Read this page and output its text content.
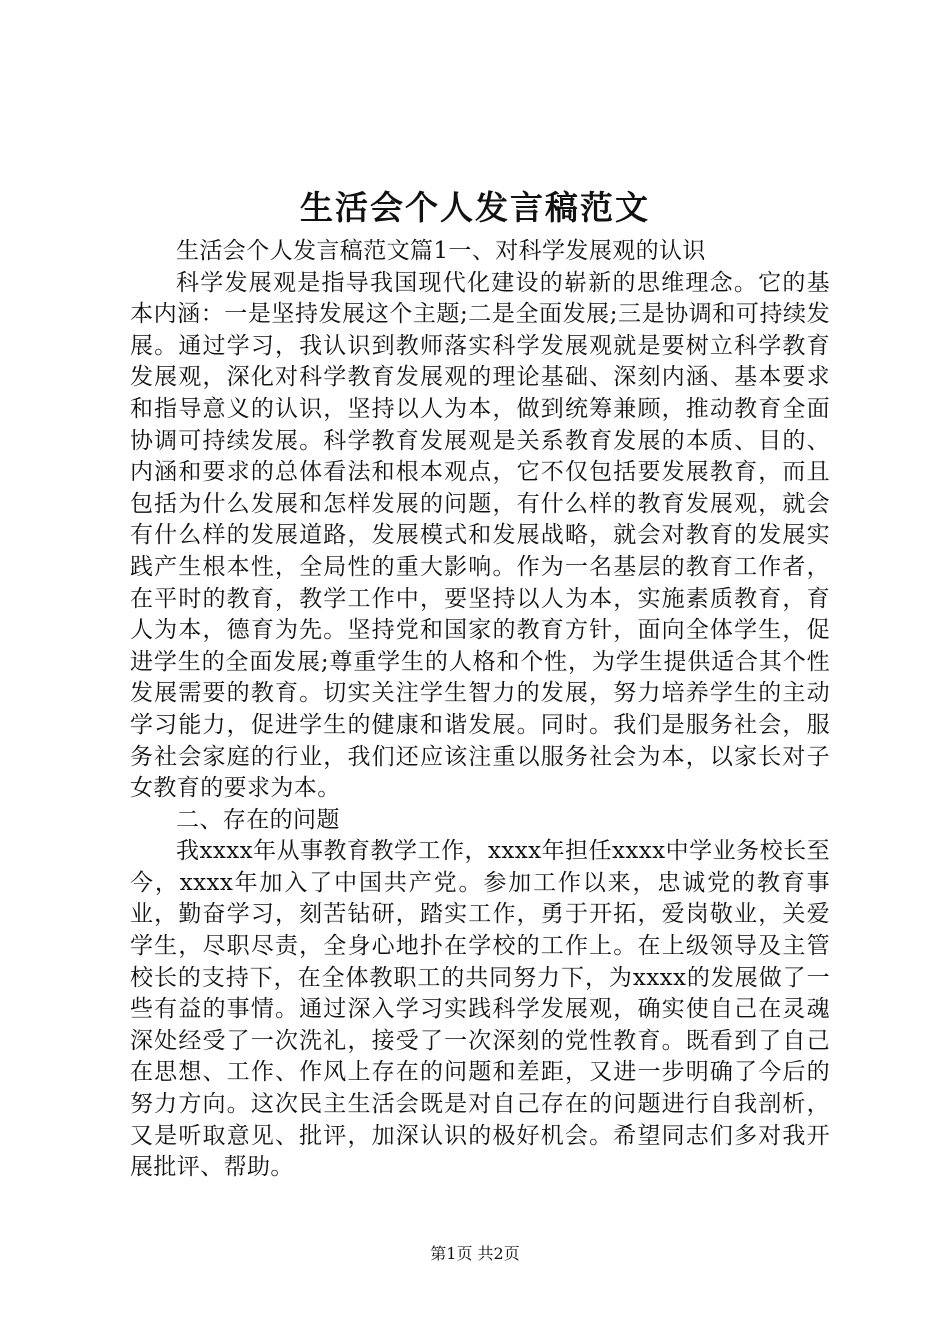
生活会个人发言稿范文

生活会个人发言稿范文篇1一、对科学发展观的认识

科学发展观是指导我国现代化建设的崭新的思维理念。它的基本内涵：一是坚持发展这个主题;二是全面发展;三是协调和可持续发展。通过学习，我认识到教师落实科学发展观就是要树立科学教育发展观，深化对科学教育发展观的理论基础、深刻内涵、基本要求和指导意义的认识，坚持以人为本，做到统筹兼顾，推动教育全面协调可持续发展。科学教育发展观是关系教育发展的本质、目的、内涵和要求的总体看法和根本观点，它不仅包括要发展教育，而且包括为什么发展和怎样发展的问题，有什么样的教育发展观，就会有什么样的发展道路，发展模式和发展战略，就会对教育的发展实践产生根本性，全局性的重大影响。作为一名基层的教育工作者，在平时的教育，教学工作中，要坚持以人为本，实施素质教育，育人为本，德育为先。坚持党和国家的教育方针，面向全体学生，促进学生的全面发展;尊重学生的人格和个性，为学生提供适合其个性发展需要的教育。切实关注学生智力的发展，努力培养学生的主动学习能力，促进学生的健康和谐发展。同时。我们是服务社会，服务社会家庭的行业，我们还应该注重以服务社会为本，以家长对子女教育的要求为本。

二、存在的问题

我xxxx年从事教育教学工作，xxxx年担任xxxx中学业务校长至今，xxxx年加入了中国共产党。参加工作以来，忠诚党的教育事业，勤奋学习，刻苦钻研，踏实工作，勇于开拓，爱岗敬业，关爱学生，尽职尽责，全身心地扑在学校的工作上。在上级领导及主管校长的支持下，在全体教职工的共同努力下，为xxxx的发展做了一些有益的事情。通过深入学习实践科学发展观，确实使自己在灵魂深处经受了一次洗礼，接受了一次深刻的党性教育。既看到了自己在思想、工作、作风上存在的问题和差距，又进一步明确了今后的努力方向。这次民主生活会既是对自己存在的问题进行自我剖析，又是听取意见、批评，加深认识的极好机会。希望同志们多对我开展批评、帮助。

第1页 共2页
